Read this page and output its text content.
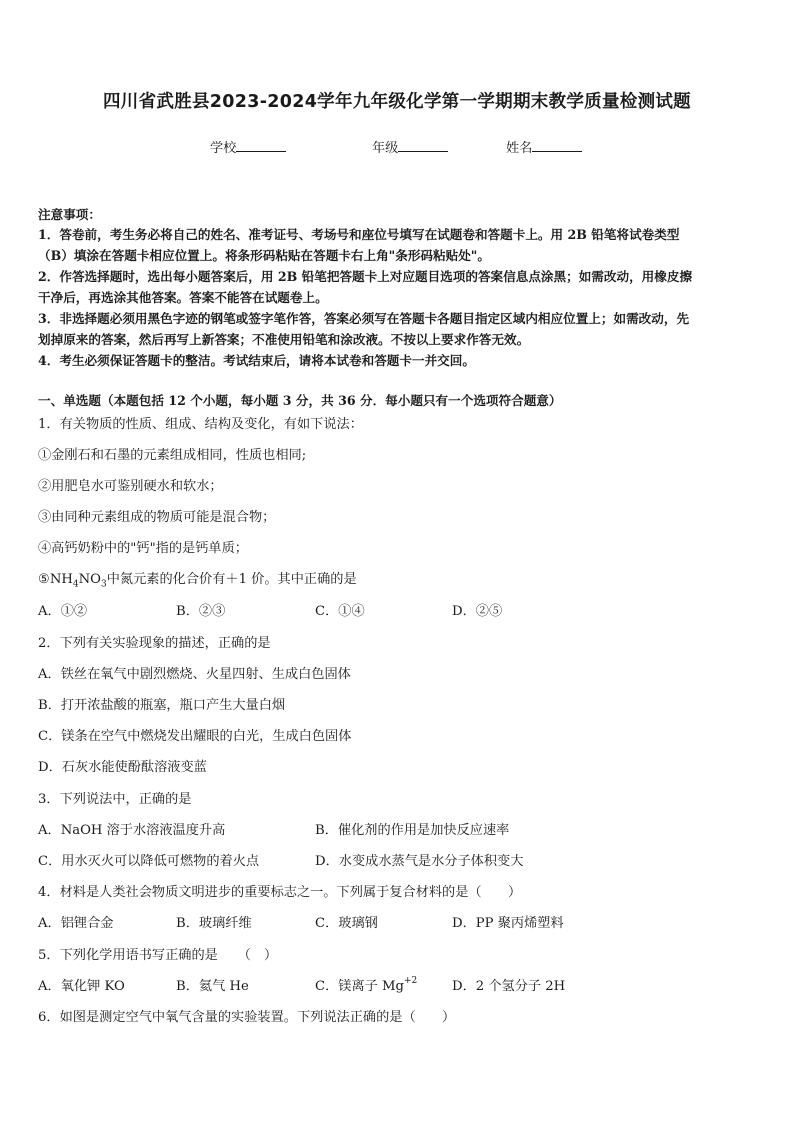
四川省武胜县2023-2024学年九年级化学第一学期期末教学质量检测试题
学校	年级	姓名
注意事项：
1．答卷前，考生务必将自己的姓名、准考证号、考场号和座位号填写在试题卷和答题卡上。用 2B 铅笔将试卷类型
（B）填涂在答题卡相应位置上。将条形码粘贴在答题卡右上角"条形码粘贴处"。
2．作答选择题时，选出每小题答案后，用 2B 铅笔把答题卡上对应题目选项的答案信息点涂黑；如需改动，用橡皮擦
干净后，再选涂其他答案。答案不能答在试题卷上。
3．非选择题必须用黑色字迹的钢笔或签字笔作答，答案必须写在答题卡各题目指定区域内相应位置上；如需改动，先
划掉原来的答案，然后再写上新答案；不准使用铅笔和涂改液。不按以上要求作答无效。
4．考生必须保证答题卡的整洁。考试结束后，请将本试卷和答题卡一并交回。
一、单选题（本题包括 12 个小题，每小题 3 分，共 36 分．每小题只有一个选项符合题意）
1．有关物质的性质、组成、结构及变化，有如下说法：
①金刚石和石墨的元素组成相同，性质也相同;
②用肥皂水可鉴别硬水和软水；
③由同种元素组成的物质可能是混合物；
④高钙奶粉中的"钙"指的是钙单质；
$⑤NH_4NO_3$中氮元素的化合价有＋1 价。其中正确的是
A．①②	B．②③	C．①④	D．②⑤
2．下列有关实验现象的描述，正确的是
A．铁丝在氧气中剧烈燃烧、火星四射、生成白色固体
B．打开浓盐酸的瓶塞，瓶口产生大量白烟
C．镁条在空气中燃烧发出耀眼的白光，生成白色固体
D．石灰水能使酚酞溶液变蓝
3．下列说法中，正确的是
A．NaOH 溶于水溶液温度升高	B．催化剂的作用是加快反应速率
C．用水灭火可以降低可燃物的着火点	D．水变成水蒸气是水分子体积变大
4．材料是人类社会物质文明进步的重要标志之一。下列属于复合材料的是（　　）
A．铝锂合金	B．玻璃纤维	C．玻璃钢	D．PP 聚丙烯塑料
5．下列化学用语书写正确的是　　（　）
A．氧化钾 KO	B．氦气 He	C．镁离子 $Mg^{+2}$	D．2 个氢分子 2H
6．如图是测定空气中氧气含量的实验装置。下列说法正确的是（　　）
